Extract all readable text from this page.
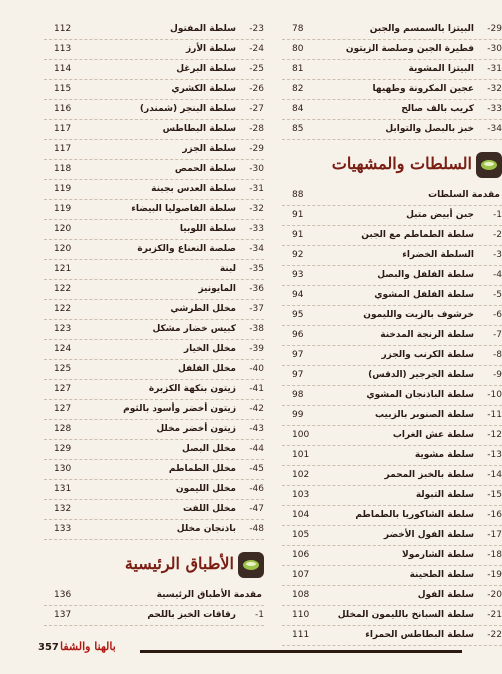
-23
سلطة المفتول
112
-24
سلطة الأرز
113
-25
سلطة البرغل
114
-26
سلطة الكشري
115
-27
سلطة البنجر (شمندر)
116
-28
سلطة البطاطس
117
-29
سلطة الجزر
117
-30
سلطة الحمص
118
-31
سلطة العدس بجبنة
119
-32
سلطة الفاصوليا البيضاء
119
-33
سلطة اللوبيا
120
-34
صلصة النعناع والكزبرة
120
-35
لبنة
121
-36
المايونيز
122
-37
مخلل الطرشي
122
-38
كبيس خضار مشكل
123
-39
مخلل الخيار
124
-40
مخلل الفلفل
125
-41
زيتون بنكهة الكزبرة
127
-42
زيتون أخضر وأسود بالثوم
127
-43
زيتون أخضر مخلل
128
-44
مخلل البصل
129
-45
مخلل الطماطم
130
-46
مخلل الليمون
131
-47
مخلل اللفت
132
-48
باذنجان مخلل
133
الأطباق الرئيسية
مقدمة الأطباق الرئيسية
136
-1
رقاقات الخبز باللحم
137
-29
البيتزا بالسمسم والجبن
78
-30
فطيرة الجبن وصلصة الزيتون
80
-31
البيتزا المشوية
81
-32
عجين المكرونة وطهيها
82
-33
كريب بالف صالح
84
-34
خبز بالبصل والتوابل
85
السلطات والمشهيات
مقدمة السلطات
88
-1
جبن أبيض متبل
91
-2
سلطة الطماطم مع الجبن
91
-3
السلطة الخضراء
92
-4
سلطة الفلفل والبصل
93
-5
سلطة الفلفل المشوي
94
-6
خرشوف بالزيت والليمون
95
-7
سلطة الرنجة المدخنة
96
-8
سلطة الكرنب والجزر
97
-9
سلطة الجرجير (الدقس)
97
-10
سلطة الباذنجان المشوي
98
-11
سلطة الصنوبر بالزبيب
99
-12
سلطة عش الغراب
100
-13
سلطة مشوية
101
-14
سلطة بالخبز المحمر
102
-15
سلطة التبولة
103
-16
سلطة الشاكوريا بالطماطم
104
-17
سلطة الفول الأخضر
105
-18
سلطة الشارمولا
106
-19
سلطة الطحينة
107
-20
سلطة الفول
108
-21
سلطة السبانخ بالليمون المخلل
110
-22
سلطة البطاطس الحمراء
111
357 بالهنا والشفا
